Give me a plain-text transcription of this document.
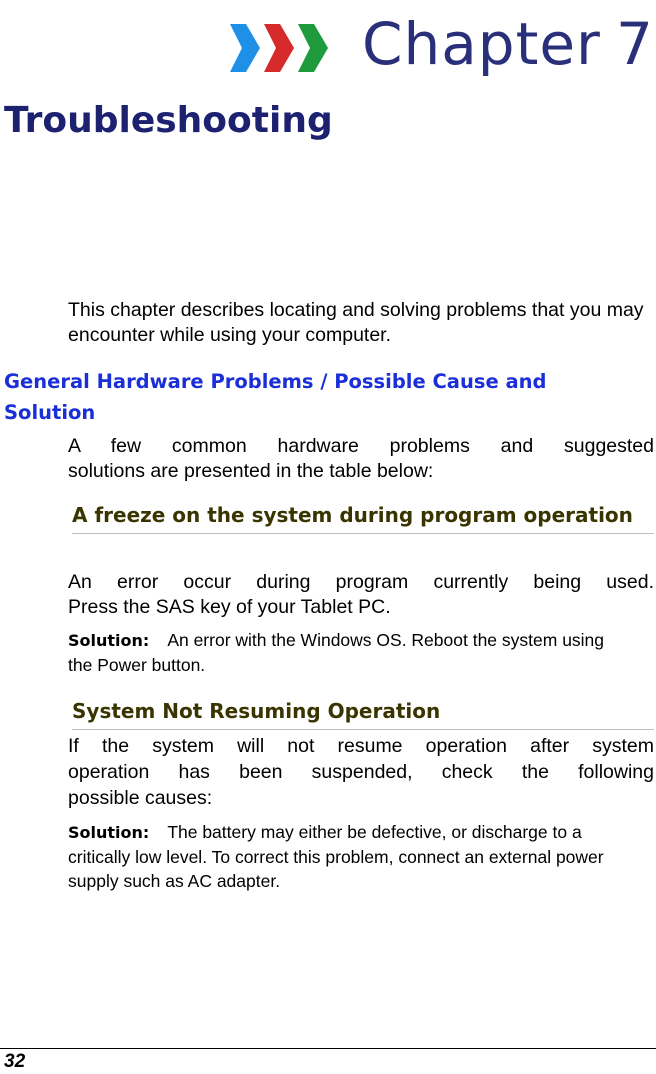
Chapter 7
Troubleshooting
This chapter describes locating and solving problems that you may encounter while using your computer.
General Hardware Problems / Possible Cause and Solution
A few common hardware problems and suggested
solutions are presented in the table below:
A freeze on the system during program operation
An error occur during program currently being used.
Press the SAS key of your Tablet PC.
Solution: An error with the Windows OS. Reboot the system using the Power button.
System Not Resuming Operation
If the system will not resume operation after system
operation has been suspended, check the following
possible causes:
Solution: The battery may either be defective, or discharge to a critically low level. To correct this problem, connect an external power supply such as AC adapter.
32
